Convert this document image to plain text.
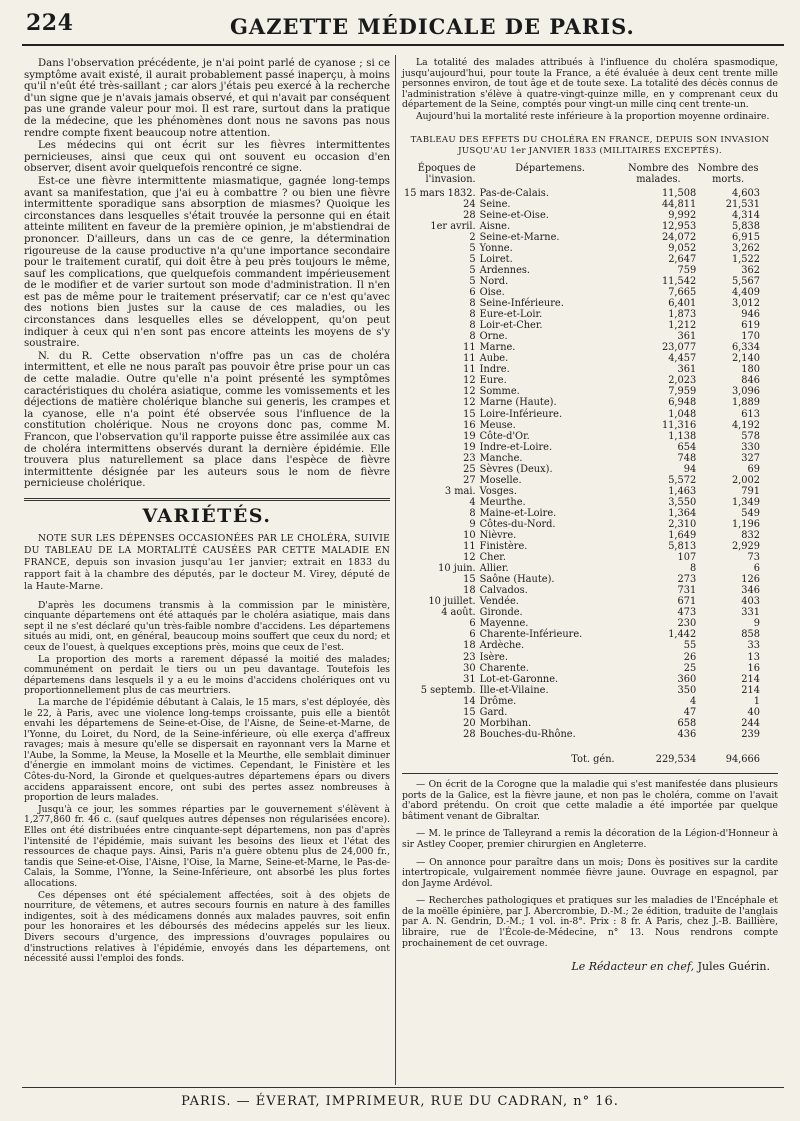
224	GAZETTE MÉDICALE DE PARIS.

Dans l'observation précédente, je n'ai point parlé de cyanose ; si ce symptôme avait existé, il aurait probablement passé inaperçu, à moins qu'il n'eût été très-saillant ; car alors j'étais peu exercé à la recherche d'un signe que je n'avais jamais observé, et qui n'avait par conséquent pas une grande valeur pour moi. Il est rare, surtout dans la pratique de la médecine, que les phénomènes dont nous ne savons pas nous rendre compte fixent beaucoup notre attention.

Les médecins qui ont écrit sur les fièvres intermittentes pernicieuses, ainsi que ceux qui ont souvent eu occasion d'en observer, disent avoir quelquefois rencontré ce signe.

Est-ce une fièvre intermittente miasmatique, gagnée long-temps avant sa manifestation, que j'ai eu à combattre ? ou bien une fièvre intermittente sporadique sans absorption de miasmes? Quoique les circonstances dans lesquelles s'était trouvée la personne qui en était atteinte militent en faveur de la première opinion, je m'abstiendrai de prononcer. D'ailleurs, dans un cas de ce genre, la détermination rigoureuse de la cause productive n'a qu'une importance secondaire pour le traitement curatif, qui doit être à peu près toujours le même, sauf les complications, que quelquefois commandent impérieusement de le modifier et de varier surtout son mode d'administration. Il n'en est pas de même pour le traitement préservatif; car ce n'est qu'avec des notions bien justes sur la cause de ces maladies, ou les circonstances dans lesquelles elles se développent, qu'on peut indiquer à ceux qui n'en sont pas encore atteints les moyens de s'y soustraire.

N. du R. Cette observation n'offre pas un cas de choléra intermittent, et elle ne nous paraît pas pouvoir être prise pour un cas de cette maladie. Outre qu'elle n'a point présenté les symptômes caractéristiques du choléra asiatique, comme les vomissements et les déjections de matière cholérique blanche sui generis, les crampes et la cyanose, elle n'a point été observée sous l'influence de la constitution cholérique. Nous ne croyons donc pas, comme M. Francon, que l'observation qu'il rapporte puisse être assimilée aux cas de choléra intermittens observés durant la dernière épidémie. Elle trouvera plus naturellement sa place dans l'espèce de fièvre intermittente désignée par les auteurs sous le nom de fièvre pernicieuse cholérique.

VARIÉTÉS.

NOTE SUR LES DÉPENSES OCCASIONÉES PAR LE CHOLÉRA, SUIVIE DU TABLEAU DE LA MORTALITÉ CAUSÉES PAR CETTE MALADIE EN FRANCE, depuis son invasion jusqu'au 1er janvier; extrait en 1833 du rapport fait à la chambre des députés, par le docteur M. Virey, député de la Haute-Marne.

D'après les documens transmis à la commission par le ministère, cinquante départemens ont été attaqués par le choléra asiatique, mais dans sept il ne s'est déclaré qu'un très-faible nombre d'accidens. Les départemens situés au midi, ont, en général, beaucoup moins souffert que ceux du nord; et ceux de l'ouest, à quelques exceptions près, moins que ceux de l'est.

La proportion des morts a rarement dépassé la moitié des malades; communément on perdait le tiers ou un peu davantage. Toutefois les départemens dans lesquels il y a eu le moins d'accidens cholériques ont vu proportionnellement plus de cas meurtriers.

La marche de l'épidémie débutant à Calais, le 15 mars, s'est déployée, dès le 22, à Paris, avec une violence long-temps croissante, puis elle a bientôt envahi les départemens de Seine-et-Oise, de l'Aisne, de Seine-et-Marne, de l'Yonne, du Loiret, du Nord, de la Seine-inférieure, où elle exerça d'affreux ravages; mais à mesure qu'elle se dispersait en rayonnant vers la Marne et l'Aube, la Somme, la Meuse, la Moselle et la Meurthe, elle semblait diminuer d'énergie en immolant moins de victimes. Cependant, le Finistère et les Côtes-du-Nord, la Gironde et quelques-autres départemens épars ou divers accidens apparaissent encore, ont subi des pertes assez nombreuses à proportion de leurs malades.

Jusqu'à ce jour, les sommes réparties par le gouvernement s'élèvent à 1,277,860 fr. 46 c. (sauf quelques autres dépenses non régularisées encore). Elles ont été distribuées entre cinquante-sept départemens, non pas d'après l'intensité de l'épidémie, mais suivant les besoins des lieux et l'état des ressources de chaque pays. Ainsi, Paris n'a guère obtenu plus de 24,000 fr., tandis que Seine-et-Oise, l'Aisne, l'Oise, la Marne, Seine-et-Marne, le Pas-de-Calais, la Somme, l'Yonne, la Seine-Inférieure, ont absorbé les plus fortes allocations.

Ces dépenses ont été spécialement affectées, soit à des objets de nourriture, de vêtemens, et autres secours fournis en nature à des familles indigentes, soit à des médicamens donnés aux malades pauvres, soit enfin pour les honoraires et les déboursés des médecins appelés sur les lieux. Divers secours d'urgence, des impressions d'ouvrages populaires ou d'instructions relatives à l'épidémie, envoyés dans les départemens, ont nécessité aussi l'emploi des fonds.

La totalité des malades attribués à l'influence du choléra spasmodique, jusqu'aujourd'hui, pour toute la France, a été évaluée à deux cent trente mille personnes environ, de tout âge et de toute sexe. La totalité des décès connus de l'administration s'élève à quatre-vingt-quinze mille, en y comprenant ceux du département de la Seine, comptés pour vingt-un mille cinq cent trente-un.

Aujourd'hui la mortalité reste inférieure à la proportion moyenne ordinaire.

TABLEAU DES EFFETS DU CHOLÉRA EN FRANCE, DEPUIS SON INVASION JUSQU'AU 1er JANVIER 1833 (MILITAIRES EXCEPTÉS).
Époques de l'invasion.	Départemens.	Nombre des malades.	Nombre des morts.
15 mars 1832.	Pas-de-Calais.	11,508	4,603
24	Seine.	44,811	21,531
28	Seine-et-Oise.	9,992	4,314
1er avril.	Aisne.	12,953	5,838
2	Seine-et-Marne.	24,072	6,915
5	Yonne.	9,052	3,262
5	Loiret.	2,647	1,522
5	Ardennes.	759	362
5	Nord.	11,542	5,567
6	Oise.	7,665	4,409
8	Seine-Inférieure.	6,401	3,012
8	Eure-et-Loir.	1,873	946
8	Loir-et-Cher.	1,212	619
8	Orne.	361	170
11	Marne.	23,077	6,334
11	Aube.	4,457	2,140
11	Indre.	361	180
12	Eure.	2,023	846
12	Somme.	7,959	3,096
12	Marne (Haute).	6,948	1,889
15	Loire-Inférieure.	1,048	613
16	Meuse.	11,316	4,192
19	Côte-d'Or.	1,138	578
19	Indre-et-Loire.	654	330
23	Manche.	748	327
25	Sèvres (Deux).	94	69
27	Moselle.	5,572	2,002
3 mai.	Vosges.	1,463	791
4	Meurthe.	3,550	1,349
8	Maine-et-Loire.	1,364	549
9	Côtes-du-Nord.	2,310	1,196
10	Nièvre.	1,649	832
11	Finistère.	5,813	2,929
12	Cher.	107	73
10 juin.	Allier.	8	6
15	Saône (Haute).	273	126
18	Calvados.	731	346
10 juillet.	Vendée.	671	403
4 août.	Gironde.	473	331
6	Mayenne.	230	9
6	Charente-Inférieure.	1,442	858
18	Ardèche.	55	33
23	Isère.	26	13
30	Charente.	25	16
31	Lot-et-Garonne.	360	214
5 septemb.	Ille-et-Vilaine.	350	214
14	Drôme.	4	1
15	Gard.	47	40
20	Morbihan.	658	244
28	Bouches-du-Rhône.	436	239
Tot. gén.		229,534	94,666

— On écrit de la Corogne que la maladie qui s'est manifestée dans plusieurs ports de la Galice, est la fièvre jaune, et non pas le choléra, comme on l'avait d'abord prétendu. On croit que cette maladie a été importée par quelque bâtiment venant de Gibraltar.

— M. le prince de Talleyrand a remis la décoration de la Légion-d'Honneur à sir Astley Cooper, premier chirurgien en Angleterre.

— On annonce pour paraître dans un mois; Dons ès positives sur la cardite intertropicale, vulgairement nommée fièvre jaune. Ouvrage en espagnol, par don Jayme Ardévol.

— Recherches pathologiques et pratiques sur les maladies de l'Encéphale et de la moëlle épinière, par J. Abercrombie, D.-M.; 2e édition, traduite de l'anglais par A. N. Gendrin, D.-M.; 1 vol. in-8°. Prix : 8 fr. A Paris, chez J.-B. Baillière, libraire, rue de l'École-de-Médecine, n° 13. Nous rendrons compte prochainement de cet ouvrage.

Le Rédacteur en chef, Jules Guérin.
PARIS. — ÉVERAT, IMPRIMEUR, RUE DU CADRAN, n° 16.
